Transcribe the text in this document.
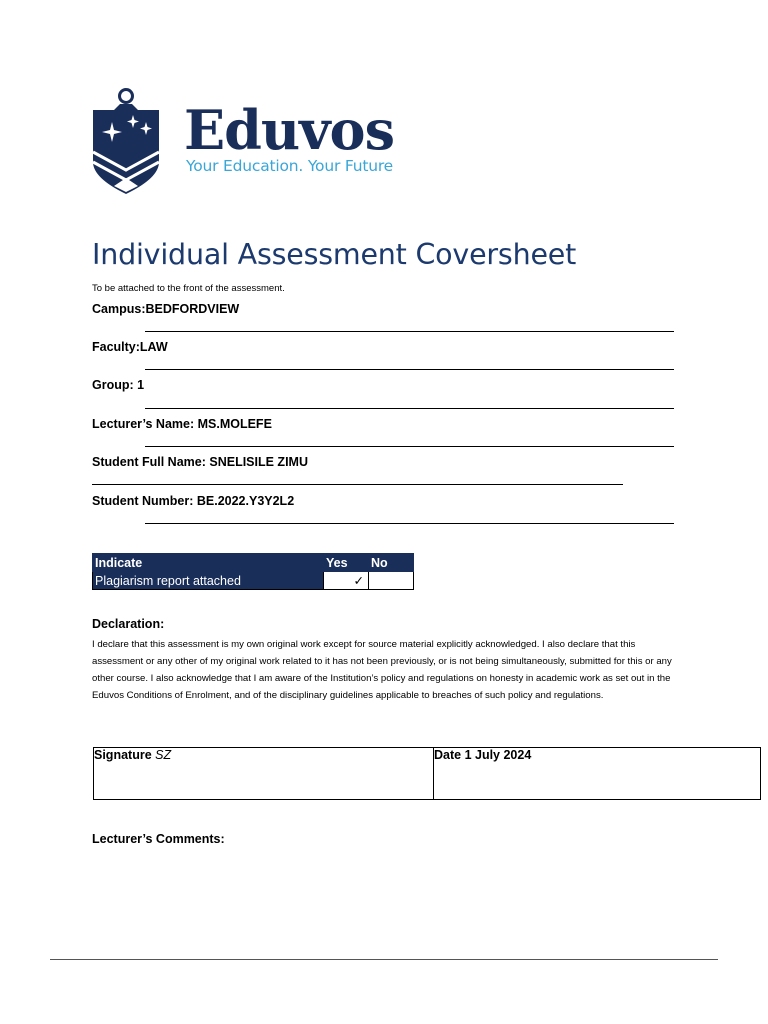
Eduvos
Your Education. Your Future
Individual Assessment Coversheet
To be attached to the front of the assessment.
Campus:BEDFORDVIEW
Faculty:LAW
Group: 1
Lecturer’s Name: MS.MOLEFE
Student Full Name: SNELISILE ZIMU
Student Number: BE.2022.Y3Y2L2
Indicate	Yes	No
Plagiarism report attached	✓	
Declaration:
I declare that this assessment is my own original work except for source material explicitly acknowledged. I also declare that this assessment or any other of my original work related to it has not been previously, or is not being simultaneously, submitted for this or any other course. I also acknowledge that I am aware of the Institution’s policy and regulations on honesty in academic work as set out in the Eduvos Conditions of Enrolment, and of the disciplinary guidelines applicable to breaches of such policy and regulations.
Signature SZ	Date 1 July 2024
Lecturer’s Comments:
